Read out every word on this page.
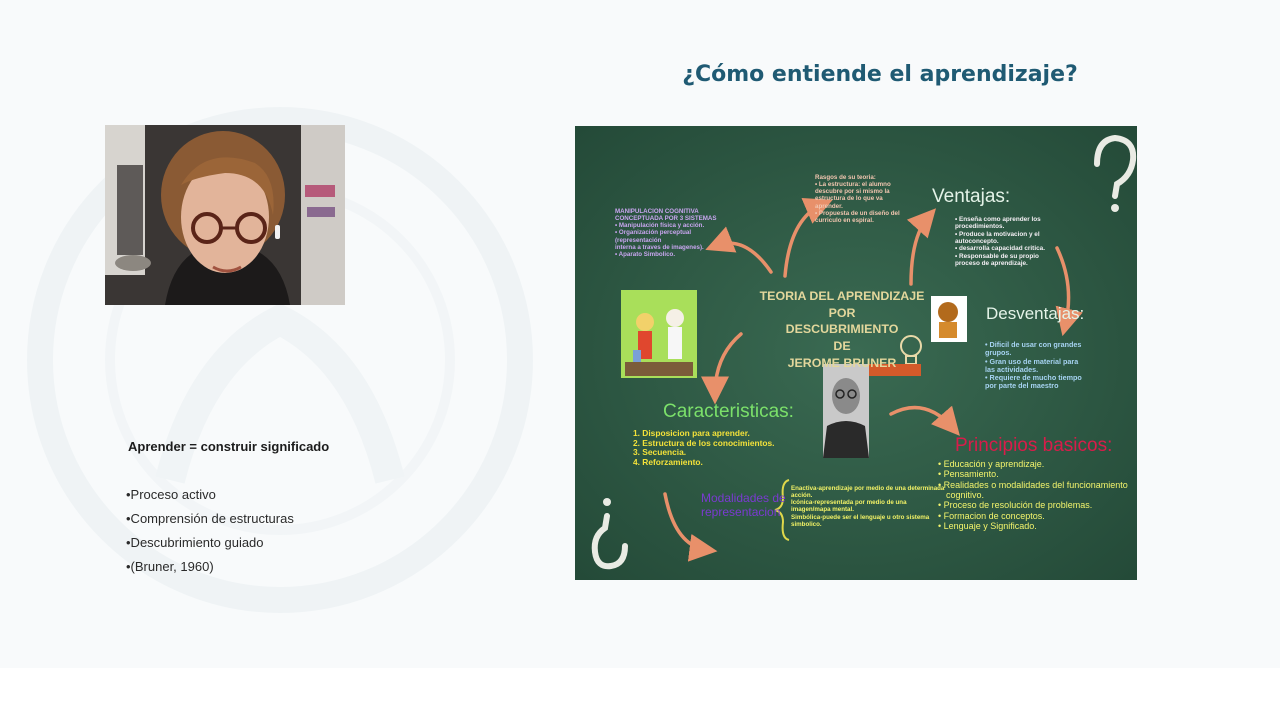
¿Cómo entiende el aprendizaje?
Aprender = construir significado
•Proceso activo
•Comprensión de estructuras
•Descubrimiento guiado
•(Bruner, 1960)
Rasgos de su teoria:
• La estructura: el alumno
descubre por si mismo la
estructura de lo que va
aprender.
• Propuesta de un diseño del
curriculo en espiral.
MANIPULACION COGNITIVA
CONCEPTUADA POR 3 SISTEMAS
• Manipulación física y acción.
• Organización perceptual
(representación
interna a traves de imagenes).
• Aparato Simbolico.
Ventajas:
• Enseña como aprender los
procedimientos.
• Produce la motivacion y el
autoconcepto.
• desarrolla capacidad critica.
• Responsable de su propio
proceso de aprendizaje.
Desventajas:
• Dificil de usar con grandes
grupos.
• Gran uso de material para
las actividades.
• Requiere de mucho tiempo
por parte del maestro
TEORIA DEL APRENDIZAJE POR
DESCUBRIMIENTO
DE
JEROME BRUNER
Caracteristicas:
1. Disposicion para aprender.
2. Estructura de los conocimientos.
3. Secuencia.
4. Reforzamiento.
Modalidades de
representacion
Enactiva-aprendizaje por medio de una determinada
acción.
Icónica-representada por medio de una
imagen/mapa mental.
Simbólica-puede ser el lenguaje u otro sistema
simbolico.
Principios basicos:
• Educación y aprendizaje.
• Pensamiento.
• Realidades o modalidades del funcionamiento
cognitivo.
• Proceso de resolución de problemas.
• Formacion de conceptos.
• Lenguaje y Significado.
